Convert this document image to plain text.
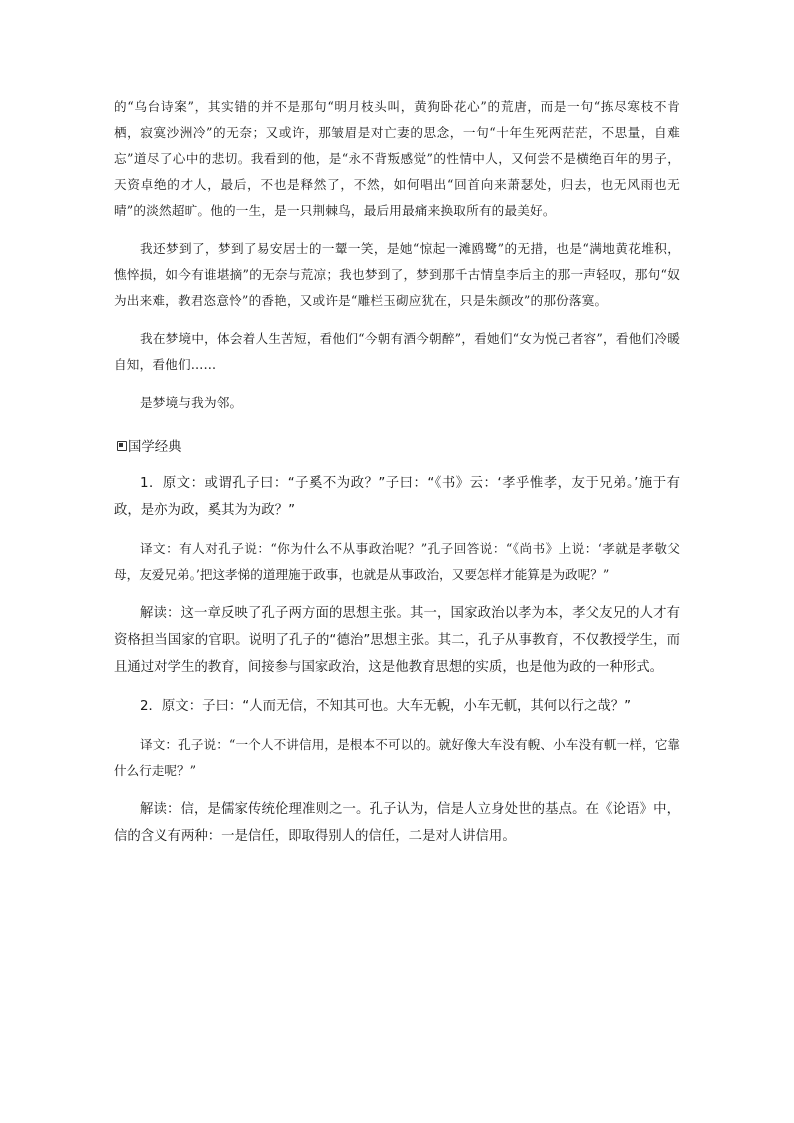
的“乌台诗案”，其实错的并不是那句“明月枝头叫，黄狗卧花心”的荒唐，而是一句“拣尽寒枝不肯栖，寂寞沙洲冷”的无奈；又或许，那皱眉是对亡妻的思念，一句“十年生死两茫茫，不思量，自难忘”道尽了心中的悲切。我看到的他，是“永不背叛感觉”的性情中人，又何尝不是横绝百年的男子，天资卓绝的才人，最后，不也是释然了，不然，如何唱出“回首向来萧瑟处，归去，也无风雨也无晴”的淡然超旷。他的一生，是一只荆棘鸟，最后用最痛来换取所有的最美好。

我还梦到了，梦到了易安居士的一颦一笑，是她“惊起一滩鸥鹭”的无措，也是“满地黄花堆积，憔悴损，如今有谁堪摘”的无奈与荒凉；我也梦到了，梦到那千古情皇李后主的那一声轻叹，那句“奴为出来难，教君恣意怜”的香艳，又或许是“雕栏玉砌应犹在，只是朱颜改”的那份落寞。

我在梦境中，体会着人生苦短，看他们“今朝有酒今朝醉”，看她们“女为悦己者容”，看他们冷暖自知，看他们……

是梦境与我为邻。

国学经典

1．原文：或谓孔子曰：“子奚不为政？”子曰：“《书》云：‘孝乎惟孝，友于兄弟。’施于有政，是亦为政，奚其为为政？”

译文：有人对孔子说：“你为什么不从事政治呢？”孔子回答说：“《尚书》上说：‘孝就是孝敬父母，友爱兄弟。’把这孝悌的道理施于政事，也就是从事政治，又要怎样才能算是为政呢？”

解读：这一章反映了孔子两方面的思想主张。其一，国家政治以孝为本，孝父友兄的人才有资格担当国家的官职。说明了孔子的“德治”思想主张。其二，孔子从事教育，不仅教授学生，而且通过对学生的教育，间接参与国家政治，这是他教育思想的实质，也是他为政的一种形式。

2．原文：子曰：“人而无信，不知其可也。大车无輗，小车无軏，其何以行之哉？”

译文：孔子说：“一个人不讲信用，是根本不可以的。就好像大车没有輗、小车没有軏一样，它靠什么行走呢？”

解读：信，是儒家传统伦理准则之一。孔子认为，信是人立身处世的基点。在《论语》中，信的含义有两种：一是信任，即取得别人的信任，二是对人讲信用。
